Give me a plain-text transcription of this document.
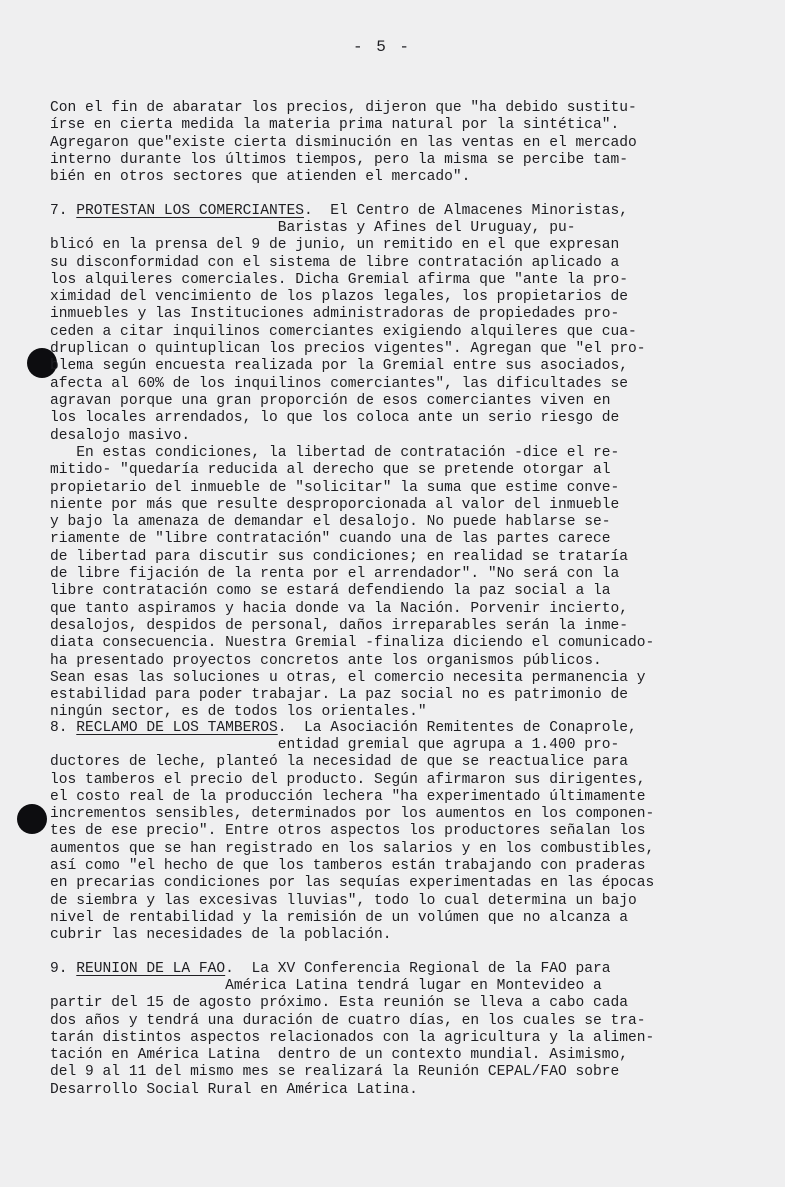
- 5 -

Con el fin de abaratar los precios, dijeron que "ha debido sustitu-
írse en cierta medida la materia prima natural por la sintética".
Agregaron que"existe cierta disminución en las ventas en el mercado
interno durante los últimos tiempos, pero la misma se percibe tam-
bién en otros sectores que atienden el mercado".

7. PROTESTAN LOS COMERCIANTES.  El Centro de Almacenes Minoristas,

Baristas y Afines del Uruguay, pu-
blicó en la prensa del 9 de junio, un remitido en el que expresan
su disconformidad con el sistema de libre contratación aplicado a
los alquileres comerciales. Dicha Gremial afirma que "ante la pro-
ximidad del vencimiento de los plazos legales, los propietarios de
inmuebles y las Instituciones administradoras de propiedades pro-
ceden a citar inquilinos comerciantes exigiendo alquileres que cua-
druplican o quintuplican los precios vigentes". Agregan que "el pro-
blema según encuesta realizada por la Gremial entre sus asociados,
afecta al 60% de los inquilinos comerciantes", las dificultades se
agravan porque una gran proporción de esos comerciantes viven en
los locales arrendados, lo que los coloca ante un serio riesgo de
desalojo masivo.

En estas condiciones, la libertad de contratación -dice el re-
mitido- "quedaría reducida al derecho que se pretende otorgar al
propietario del inmueble de "solicitar" la suma que estime conve-
niente por más que resulte desproporcionada al valor del inmueble
y bajo la amenaza de demandar el desalojo. No puede hablarse se-
riamente de "libre contratación" cuando una de las partes carece
de libertad para discutir sus condiciones; en realidad se trataría
de libre fijación de la renta por el arrendador". "No será con la
libre contratación como se estará defendiendo la paz social a la
que tanto aspiramos y hacia donde va la Nación. Porvenir incierto,
desalojos, despidos de personal, daños irreparables serán la inme-
diata consecuencia. Nuestra Gremial -finaliza diciendo el comunicado-
ha presentado proyectos concretos ante los organismos públicos.
Sean esas las soluciones u otras, el comercio necesita permanencia y
estabilidad para poder trabajar. La paz social no es patrimonio de
ningún sector, es de todos los orientales."

8. RECLAMO DE LOS TAMBEROS.  La Asociación Remitentes de Conaprole,

entidad gremial que agrupa a 1.400 pro-
ductores de leche, planteó la necesidad de que se reactualice para
los tamberos el precio del producto. Según afirmaron sus dirigentes,
el costo real de la producción lechera "ha experimentado últimamente
incrementos sensibles, determinados por los aumentos en los componen-
tes de ese precio". Entre otros aspectos los productores señalan los
aumentos que se han registrado en los salarios y en los combustibles,
así como "el hecho de que los tamberos están trabajando con praderas
en precarias condiciones por las sequías experimentadas en las épocas
de siembra y las excesivas lluvias", todo lo cual determina un bajo
nivel de rentabilidad y la remisión de un volúmen que no alcanza a
cubrir las necesidades de la población.

9. REUNION DE LA FAO.  La XV Conferencia Regional de la FAO para

América Latina tendrá lugar en Montevideo a
partir del 15 de agosto próximo. Esta reunión se lleva a cabo cada
dos años y tendrá una duración de cuatro días, en los cuales se tra-
tarán distintos aspectos relacionados con la agricultura y la alimen-
tación en América Latina  dentro de un contexto mundial. Asimismo,
del 9 al 11 del mismo mes se realizará la Reunión CEPAL/FAO sobre
Desarrollo Social Rural en América Latina.
